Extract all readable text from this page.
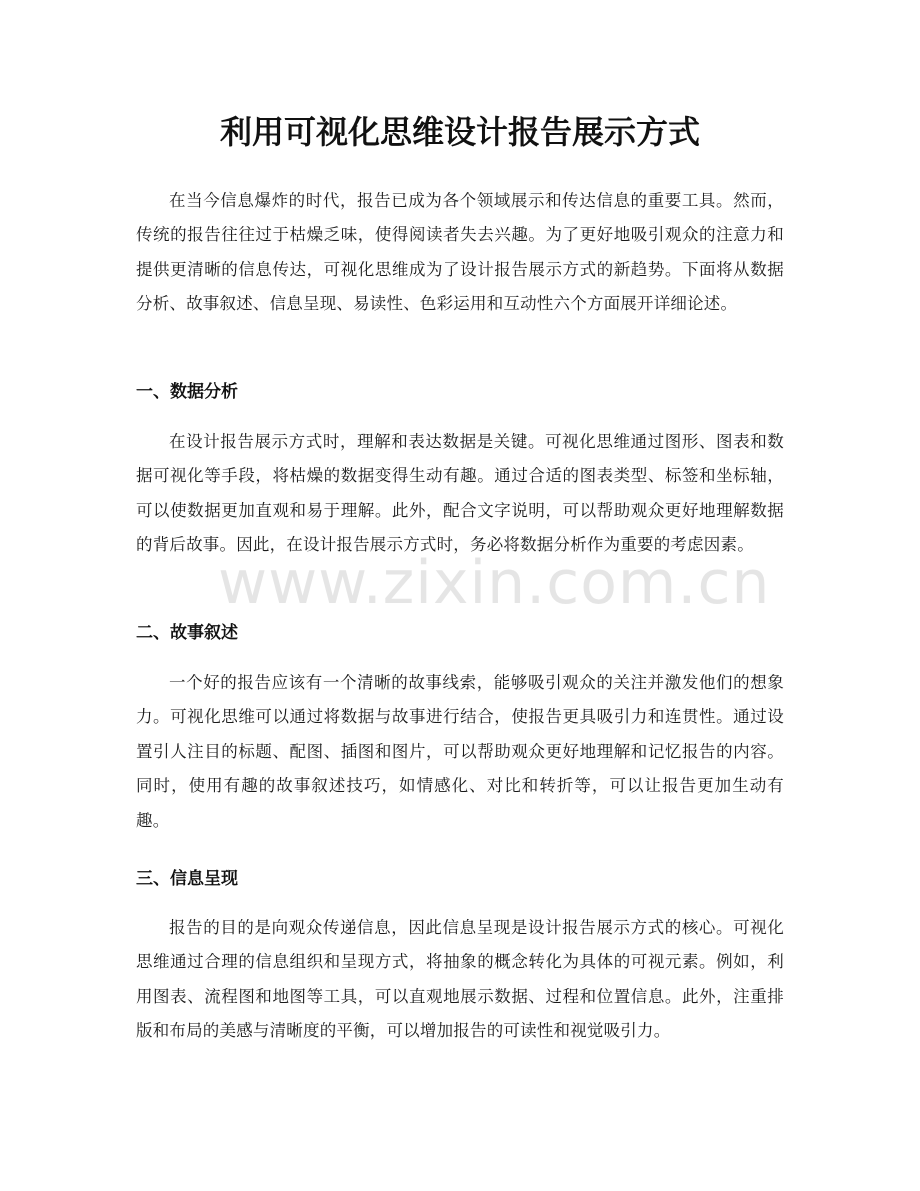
利用可视化思维设计报告展示方式

在当今信息爆炸的时代，报告已成为各个领域展示和传达信息的重要工具。然而，传统的报告往往过于枯燥乏味，使得阅读者失去兴趣。为了更好地吸引观众的注意力和提供更清晰的信息传达，可视化思维成为了设计报告展示方式的新趋势。下面将从数据分析、故事叙述、信息呈现、易读性、色彩运用和互动性六个方面展开详细论述。

一、数据分析

在设计报告展示方式时，理解和表达数据是关键。可视化思维通过图形、图表和数据可视化等手段，将枯燥的数据变得生动有趣。通过合适的图表类型、标签和坐标轴，可以使数据更加直观和易于理解。此外，配合文字说明，可以帮助观众更好地理解数据的背后故事。因此，在设计报告展示方式时，务必将数据分析作为重要的考虑因素。

二、故事叙述

一个好的报告应该有一个清晰的故事线索，能够吸引观众的关注并激发他们的想象力。可视化思维可以通过将数据与故事进行结合，使报告更具吸引力和连贯性。通过设置引人注目的标题、配图、插图和图片，可以帮助观众更好地理解和记忆报告的内容。同时，使用有趣的故事叙述技巧，如情感化、对比和转折等，可以让报告更加生动有趣。

三、信息呈现

报告的目的是向观众传递信息，因此信息呈现是设计报告展示方式的核心。可视化思维通过合理的信息组织和呈现方式，将抽象的概念转化为具体的可视元素。例如，利用图表、流程图和地图等工具，可以直观地展示数据、过程和位置信息。此外，注重排版和布局的美感与清晰度的平衡，可以增加报告的可读性和视觉吸引力。

www.zixin.com.cn
